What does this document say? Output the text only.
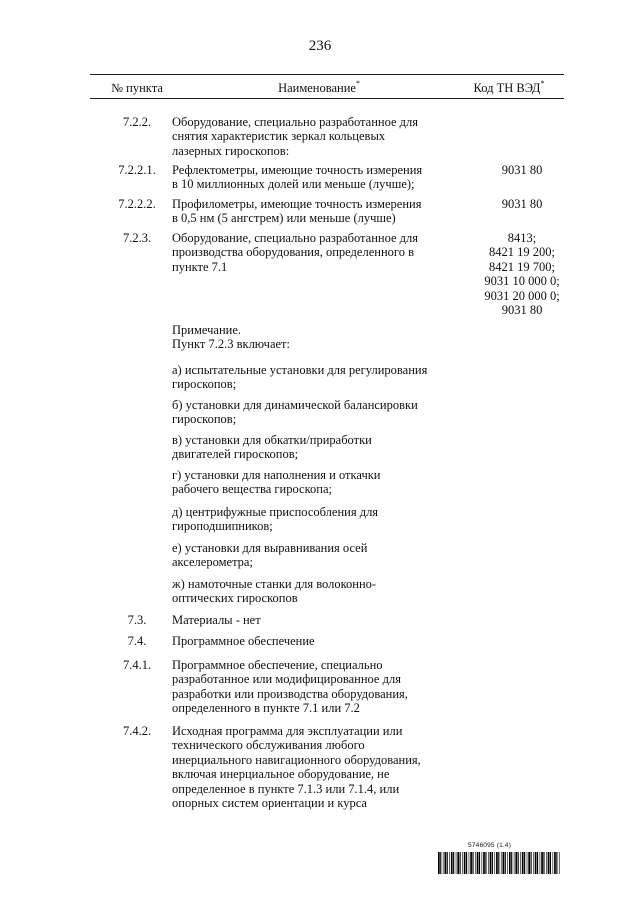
236
№ пункта	Наименование*	Код ТН ВЭД*
7.2.2.	Оборудование, специально разработанное для
снятия характеристик зеркал кольцевых
лазерных гироскопов:
7.2.2.1.	Рефлектометры, имеющие точность измерения
в 10 миллионных долей или меньше (лучше);
9031 80
7.2.2.2.	Профилометры, имеющие точность измерения
в 0,5 нм (5 ангстрем) или меньше (лучше)
9031 80
7.2.3.	Оборудование, специально разработанное для
производства оборудования, определенного в
пункте 7.1
8413;
8421 19 200;
8421 19 700;
9031 10 000 0;
9031 20 000 0;
9031 80
Примечание.
Пункт 7.2.3 включает:
а) испытательные установки для регулирования
гироскопов;
б) установки для динамической балансировки
гироскопов;
в) установки для обкатки/приработки
двигателей гироскопов;
г) установки для наполнения и откачки
рабочего вещества гироскопа;
д) центрифужные приспособления для
гироподшипников;
е) установки для выравнивания осей
акселерометра;
ж) намоточные станки для волоконно-
оптических гироскопов
7.3.	Материалы - нет
7.4.	Программное обеспечение
7.4.1.	Программное обеспечение, специально
разработанное или модифицированное для
разработки или производства оборудования,
определенного в пункте 7.1 или 7.2
7.4.2.	Исходная программа для эксплуатации или
технического обслуживания любого
инерциального навигационного оборудования,
включая инерциальное оборудование, не
определенное в пункте 7.1.3 или 7.1.4, или
опорных систем ориентации и курса
5746095 (1.4)
